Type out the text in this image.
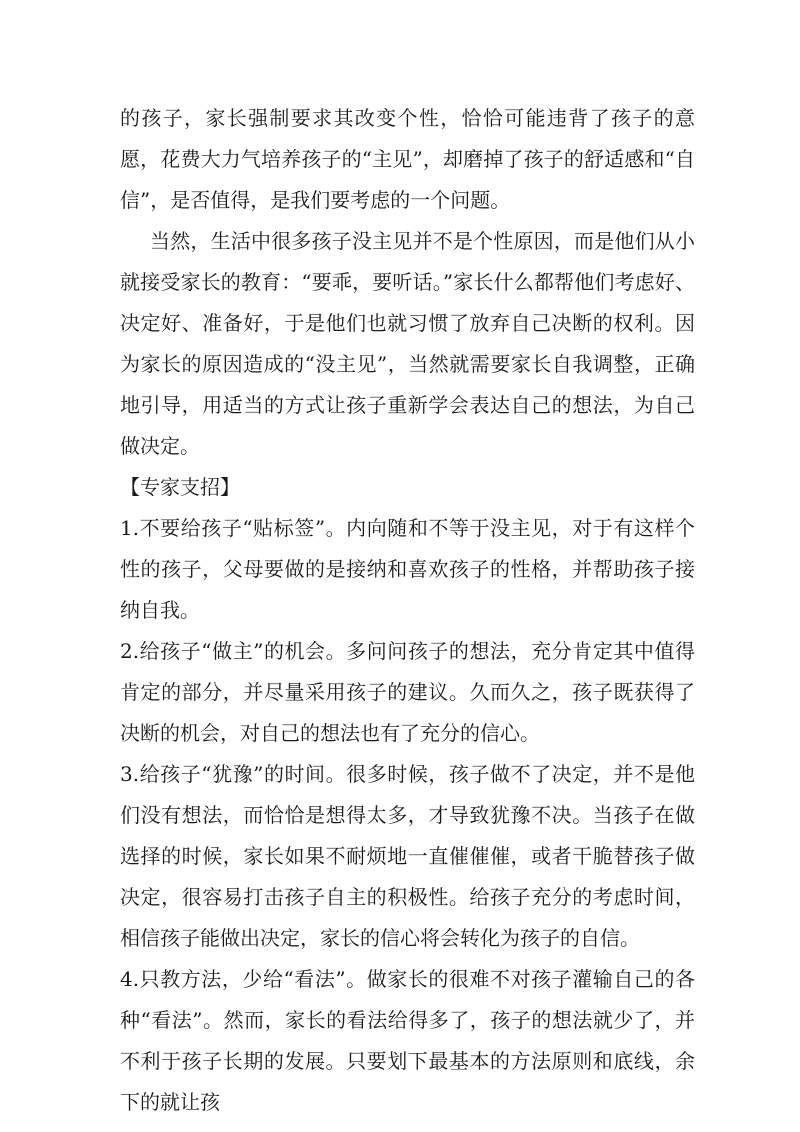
的孩子，家长强制要求其改变个性，恰恰可能违背了孩子的意愿，花费大力气培养孩子的“主见”，却磨掉了孩子的舒适感和“自信”，是否值得，是我们要考虑的一个问题。

当然，生活中很多孩子没主见并不是个性原因，而是他们从小就接受家长的教育：“要乖，要听话。”家长什么都帮他们考虑好、决定好、准备好，于是他们也就习惯了放弃自己决断的权利。因为家长的原因造成的“没主见”，当然就需要家长自我调整，正确地引导，用适当的方式让孩子重新学会表达自己的想法，为自己做决定。

【专家支招】

1.不要给孩子“贴标签”。内向随和不等于没主见，对于有这样个性的孩子，父母要做的是接纳和喜欢孩子的性格，并帮助孩子接纳自我。

2.给孩子“做主”的机会。多问问孩子的想法，充分肯定其中值得肯定的部分，并尽量采用孩子的建议。久而久之，孩子既获得了决断的机会，对自己的想法也有了充分的信心。

3.给孩子“犹豫”的时间。很多时候，孩子做不了决定，并不是他们没有想法，而恰恰是想得太多，才导致犹豫不决。当孩子在做选择的时候，家长如果不耐烦地一直催催催，或者干脆替孩子做决定，很容易打击孩子自主的积极性。给孩子充分的考虑时间，相信孩子能做出决定，家长的信心将会转化为孩子的自信。

4.只教方法，少给“看法”。做家长的很难不对孩子灌输自己的各种“看法”。然而，家长的看法给得多了，孩子的想法就少了，并不利于孩子长期的发展。只要划下最基本的方法原则和底线，余下的就让孩
